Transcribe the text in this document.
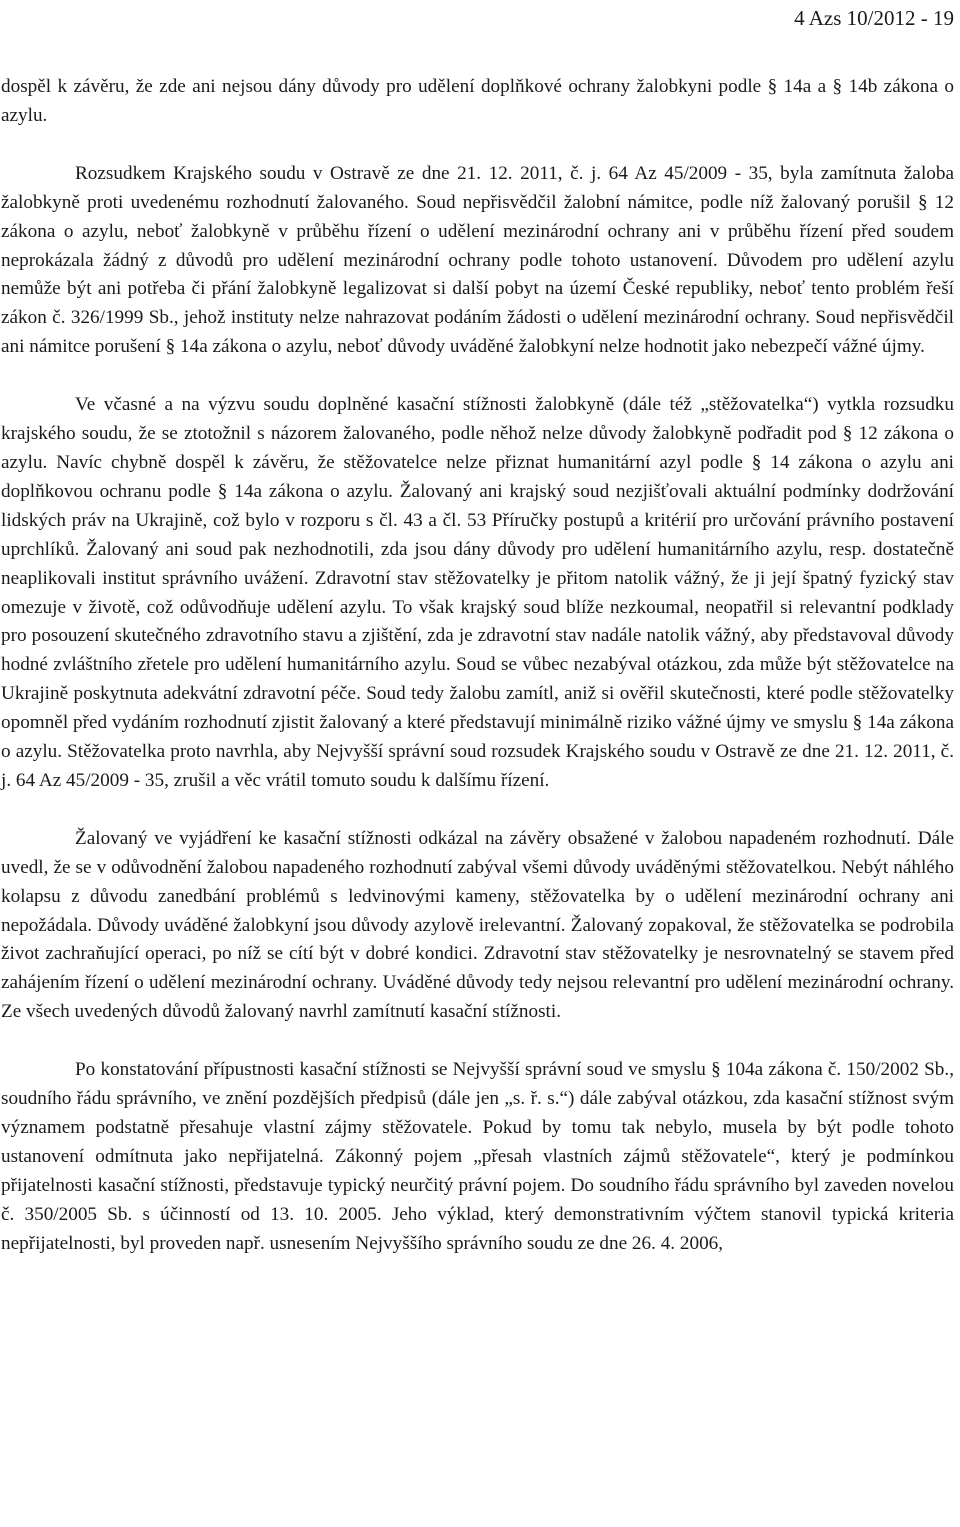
4 Azs 10/2012 - 19

dospěl k závěru, že zde ani nejsou dány důvody pro udělení doplňkové ochrany žalobkyni podle § 14a a § 14b zákona o azylu.

Rozsudkem Krajského soudu v Ostravě ze dne 21. 12. 2011, č. j. 64 Az 45/2009 - 35, byla zamítnuta žaloba žalobkyně proti uvedenému rozhodnutí žalovaného. Soud nepřisvědčil žalobní námitce, podle níž žalovaný porušil § 12 zákona o azylu, neboť žalobkyně v průběhu řízení o udělení mezinárodní ochrany ani v průběhu řízení před soudem neprokázala žádný z důvodů pro udělení mezinárodní ochrany podle tohoto ustanovení. Důvodem pro udělení azylu nemůže být ani potřeba či přání žalobkyně legalizovat si další pobyt na území České republiky, neboť tento problém řeší zákon č. 326/1999 Sb., jehož instituty nelze nahrazovat podáním žádosti o udělení mezinárodní ochrany. Soud nepřisvědčil ani námitce porušení § 14a zákona o azylu, neboť důvody uváděné žalobkyní nelze hodnotit jako nebezpečí vážné újmy.

Ve včasné a na výzvu soudu doplněné kasační stížnosti žalobkyně (dále též „stěžovatelka“) vytkla rozsudku krajského soudu, že se ztotožnil s názorem žalovaného, podle něhož nelze důvody žalobkyně podřadit pod § 12 zákona o azylu. Navíc chybně dospěl k závěru, že stěžovatelce nelze přiznat humanitární azyl podle § 14 zákona o azylu ani doplňkovou ochranu podle § 14a zákona o azylu. Žalovaný ani krajský soud nezjišťovali aktuální podmínky dodržování lidských práv na Ukrajině, což bylo v rozporu s čl. 43 a čl. 53 Příručky postupů a kritérií pro určování právního postavení uprchlíků. Žalovaný ani soud pak nezhodnotili, zda jsou dány důvody pro udělení humanitárního azylu, resp. dostatečně neaplikovali institut správního uvážení. Zdravotní stav stěžovatelky je přitom natolik vážný, že ji její špatný fyzický stav omezuje v životě, což odůvodňuje udělení azylu. To však krajský soud blíže nezkoumal, neopatřil si relevantní podklady pro posouzení skutečného zdravotního stavu a zjištění, zda je zdravotní stav nadále natolik vážný, aby představoval důvody hodné zvláštního zřetele pro udělení humanitárního azylu. Soud se vůbec nezabýval otázkou, zda může být stěžovatelce na Ukrajině poskytnuta adekvátní zdravotní péče. Soud tedy žalobu zamítl, aniž si ověřil skutečnosti, které podle stěžovatelky opomněl před vydáním rozhodnutí zjistit žalovaný a které představují minimálně riziko vážné újmy ve smyslu § 14a zákona o azylu. Stěžovatelka proto navrhla, aby Nejvyšší správní soud rozsudek Krajského soudu v Ostravě ze dne 21. 12. 2011, č. j. 64 Az 45/2009 - 35, zrušil a věc vrátil tomuto soudu k dalšímu řízení.

Žalovaný ve vyjádření ke kasační stížnosti odkázal na závěry obsažené v žalobou napadeném rozhodnutí. Dále uvedl, že se v odůvodnění žalobou napadeného rozhodnutí zabýval všemi důvody uváděnými stěžovatelkou. Nebýt náhlého kolapsu z důvodu zanedbání problémů s ledvinovými kameny, stěžovatelka by o udělení mezinárodní ochrany ani nepožádala. Důvody uváděné žalobkyní jsou důvody azylově irelevantní. Žalovaný zopakoval, že stěžovatelka se podrobila život zachraňující operaci, po níž se cítí být v dobré kondici. Zdravotní stav stěžovatelky je nesrovnatelný se stavem před zahájením řízení o udělení mezinárodní ochrany. Uváděné důvody tedy nejsou relevantní pro udělení mezinárodní ochrany. Ze všech uvedených důvodů žalovaný navrhl zamítnutí kasační stížnosti.

Po konstatování přípustnosti kasační stížnosti se Nejvyšší správní soud ve smyslu § 104a zákona č. 150/2002 Sb., soudního řádu správního, ve znění pozdějších předpisů (dále jen „s. ř. s.“) dále zabýval otázkou, zda kasační stížnost svým významem podstatně přesahuje vlastní zájmy stěžovatele. Pokud by tomu tak nebylo, musela by být podle tohoto ustanovení odmítnuta jako nepřijatelná. Zákonný pojem „přesah vlastních zájmů stěžovatele“, který je podmínkou přijatelnosti kasační stížnosti, představuje typický neurčitý právní pojem. Do soudního řádu správního byl zaveden novelou č. 350/2005 Sb. s účinností od 13. 10. 2005. Jeho výklad, který demonstrativním výčtem stanovil typická kriteria nepřijatelnosti, byl proveden např. usnesením Nejvyššího správního soudu ze dne 26. 4. 2006,
